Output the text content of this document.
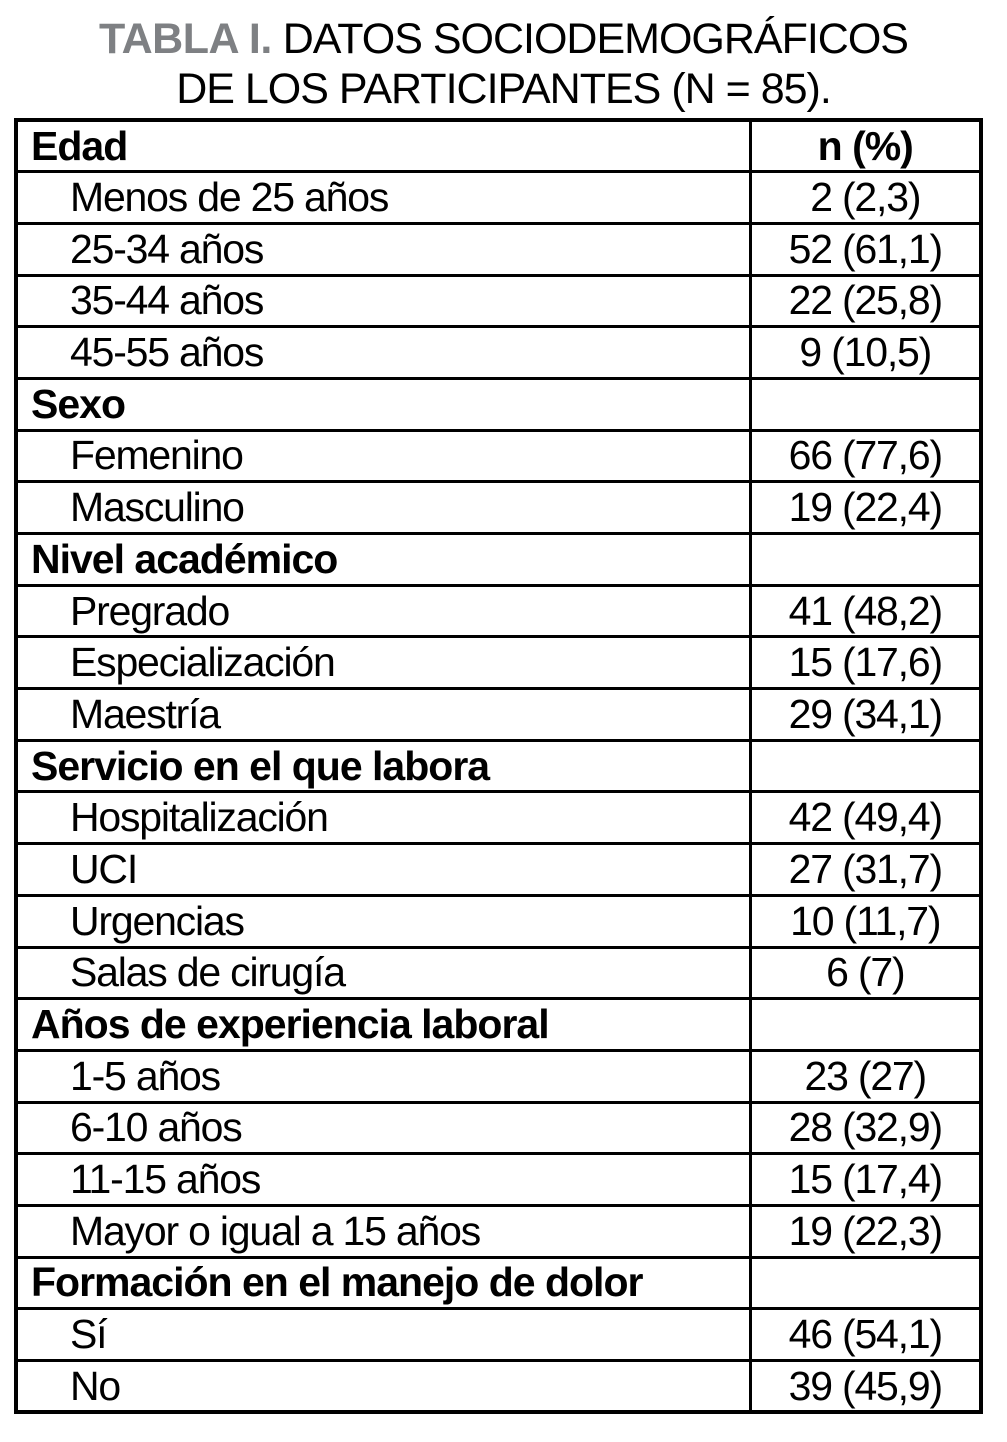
TABLA I. DATOS SOCIODEMOGRÁFICOS
DE LOS PARTICIPANTES (N = 85).
Edad	n (%)
Menos de 25 años	2 (2,3)
25-34 años	52 (61,1)
35-44 años	22 (25,8)
45-55 años	9 (10,5)
Sexo	
Femenino	66 (77,6)
Masculino	19 (22,4)
Nivel académico	
Pregrado	41 (48,2)
Especialización	15 (17,6)
Maestría	29 (34,1)
Servicio en el que labora	
Hospitalización	42 (49,4)
UCI	27 (31,7)
Urgencias	10 (11,7)
Salas de cirugía	6 (7)
Años de experiencia laboral	
1-5 años	23 (27)
6-10 años	28 (32,9)
11-15 años	15 (17,4)
Mayor o igual a 15 años	19 (22,3)
Formación en el manejo de dolor	
Sí	46 (54,1)
No	39 (45,9)
